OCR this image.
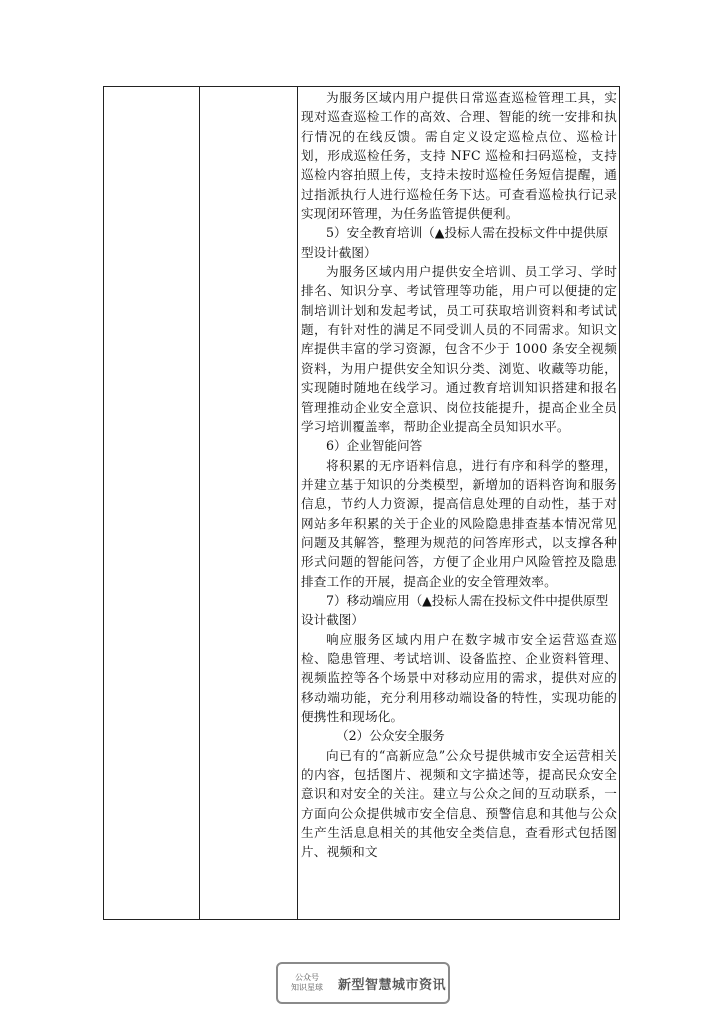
为服务区域内用户提供日常巡查巡检管理工具，实现对巡查巡检工作的高效、合理、智能的统一安排和执行情况的在线反馈。需自定义设定巡检点位、巡检计划，形成巡检任务，支持 NFC 巡检和扫码巡检，支持巡检内容拍照上传，支持未按时巡检任务短信提醒，通过指派执行人进行巡检任务下达。可查看巡检执行记录实现闭环管理，为任务监管提供便利。

5）安全教育培训（▲投标人需在投标文件中提供原型设计截图）

为服务区域内用户提供安全培训、员工学习、学时排名、知识分享、考试管理等功能，用户可以便捷的定制培训计划和发起考试，员工可获取培训资料和考试试题，有针对性的满足不同受训人员的不同需求。知识文库提供丰富的学习资源，包含不少于 1000 条安全视频资料，为用户提供安全知识分类、浏览、收藏等功能，实现随时随地在线学习。通过教育培训知识搭建和报名管理推动企业安全意识、岗位技能提升，提高企业全员学习培训覆盖率，帮助企业提高全员知识水平。

6）企业智能问答

将积累的无序语料信息，进行有序和科学的整理，并建立基于知识的分类模型，新增加的语料咨询和服务信息，节约人力资源，提高信息处理的自动性，基于对网站多年积累的关于企业的风险隐患排查基本情况常见问题及其解答，整理为规范的问答库形式，以支撑各种形式问题的智能问答，方便了企业用户风险管控及隐患排查工作的开展，提高企业的安全管理效率。

7）移动端应用（▲投标人需在投标文件中提供原型设计截图）

响应服务区域内用户在数字城市安全运营巡查巡检、隐患管理、考试培训、设备监控、企业资料管理、视频监控等各个场景中对移动应用的需求，提供对应的移动端功能，充分利用移动端设备的特性，实现功能的便携性和现场化。

（2）公众安全服务

向已有的“高新应急”公众号提供城市安全运营相关的内容，包括图片、视频和文字描述等，提高民众安全意识和对安全的关注。建立与公众之间的互动联系，一方面向公众提供城市安全信息、预警信息和其他与公众生产生活息息相关的其他安全类信息，查看形式包括图片、视频和文

公众号
知识星球 新型智慧城市资讯
